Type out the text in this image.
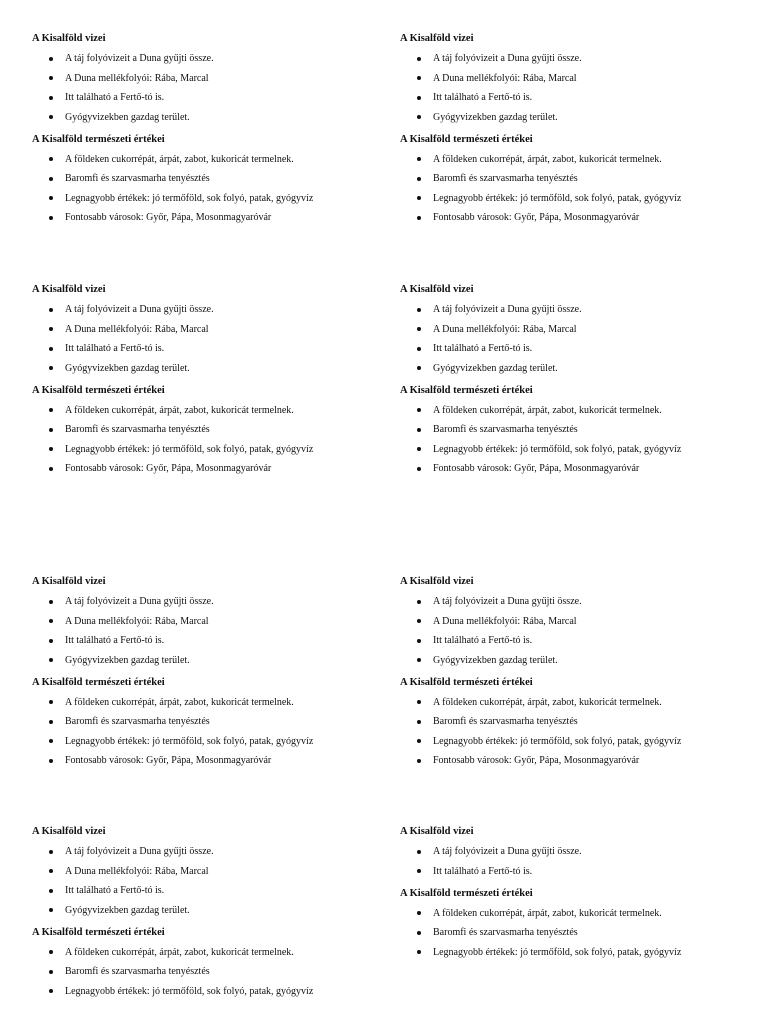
A Kisalföld vizei
A táj folyóvizeit a Duna gyűjti össze.
A Duna mellékfolyói: Rába, Marcal
Itt található a Fertő-tó is.
Gyógyvizekben gazdag terület.
A Kisalföld természeti értékei
A földeken cukorrépát, árpát, zabot, kukoricát termelnek.
Baromfi és szarvasmarha tenyésztés
Legnagyobb értékek: jó termőföld, sok folyó, patak, gyógyvíz
Fontosabb városok: Győr, Pápa, Mosonmagyaróvár
A Kisalföld vizei
A táj folyóvizeit a Duna gyűjti össze.
A Duna mellékfolyói: Rába, Marcal
Itt található a Fertő-tó is.
Gyógyvizekben gazdag terület.
A Kisalföld természeti értékei
A földeken cukorrépát, árpát, zabot, kukoricát termelnek.
Baromfi és szarvasmarha tenyésztés
Legnagyobb értékek: jó termőföld, sok folyó, patak, gyógyvíz
Fontosabb városok: Győr, Pápa, Mosonmagyaróvár
A Kisalföld vizei
A táj folyóvizeit a Duna gyűjti össze.
A Duna mellékfolyói: Rába, Marcal
Itt található a Fertő-tó is.
Gyógyvizekben gazdag terület.
A Kisalföld természeti értékei
A földeken cukorrépát, árpát, zabot, kukoricát termelnek.
Baromfi és szarvasmarha tenyésztés
Legnagyobb értékek: jó termőföld, sok folyó, patak, gyógyvíz
Fontosabb városok: Győr, Pápa, Mosonmagyaróvár
A Kisalföld vizei
A táj folyóvizeit a Duna gyűjti össze.
A Duna mellékfolyói: Rába, Marcal
Itt található a Fertő-tó is.
Gyógyvizekben gazdag terület.
A Kisalföld természeti értékei
A földeken cukorrépát, árpát, zabot, kukoricát termelnek.
Baromfi és szarvasmarha tenyésztés
Legnagyobb értékek: jó termőföld, sok folyó, patak, gyógyvíz
Fontosabb városok: Győr, Pápa, Mosonmagyaróvár
A Kisalföld vizei
A táj folyóvizeit a Duna gyűjti össze.
A Duna mellékfolyói: Rába, Marcal
Itt található a Fertő-tó is.
Gyógyvizekben gazdag terület.
A Kisalföld természeti értékei
A földeken cukorrépát, árpát, zabot, kukoricát termelnek.
Baromfi és szarvasmarha tenyésztés
Legnagyobb értékek: jó termőföld, sok folyó, patak, gyógyvíz
Fontosabb városok: Győr, Pápa, Mosonmagyaróvár
A Kisalföld vizei
A táj folyóvizeit a Duna gyűjti össze.
A Duna mellékfolyói: Rába, Marcal
Itt található a Fertő-tó is.
Gyógyvizekben gazdag terület.
A Kisalföld természeti értékei
A földeken cukorrépát, árpát, zabot, kukoricát termelnek.
Baromfi és szarvasmarha tenyésztés
Legnagyobb értékek: jó termőföld, sok folyó, patak, gyógyvíz
Fontosabb városok: Győr, Pápa, Mosonmagyaróvár
A Kisalföld vizei
A táj folyóvizeit a Duna gyűjti össze.
A Duna mellékfolyói: Rába, Marcal
Itt található a Fertő-tó is.
Gyógyvizekben gazdag terület.
A Kisalföld természeti értékei
A földeken cukorrépát, árpát, zabot, kukoricát termelnek.
Baromfi és szarvasmarha tenyésztés
Legnagyobb értékek: jó termőföld, sok folyó, patak, gyógyvíz
A Kisalföld vizei
A táj folyóvizeit a Duna gyűjti össze.
Itt található a Fertő-tó is.
A Kisalföld természeti értékei
A földeken cukorrépát, árpát, zabot, kukoricát termelnek.
Baromfi és szarvasmarha tenyésztés
Legnagyobb értékek: jó termőföld, sok folyó, patak, gyógyvíz
